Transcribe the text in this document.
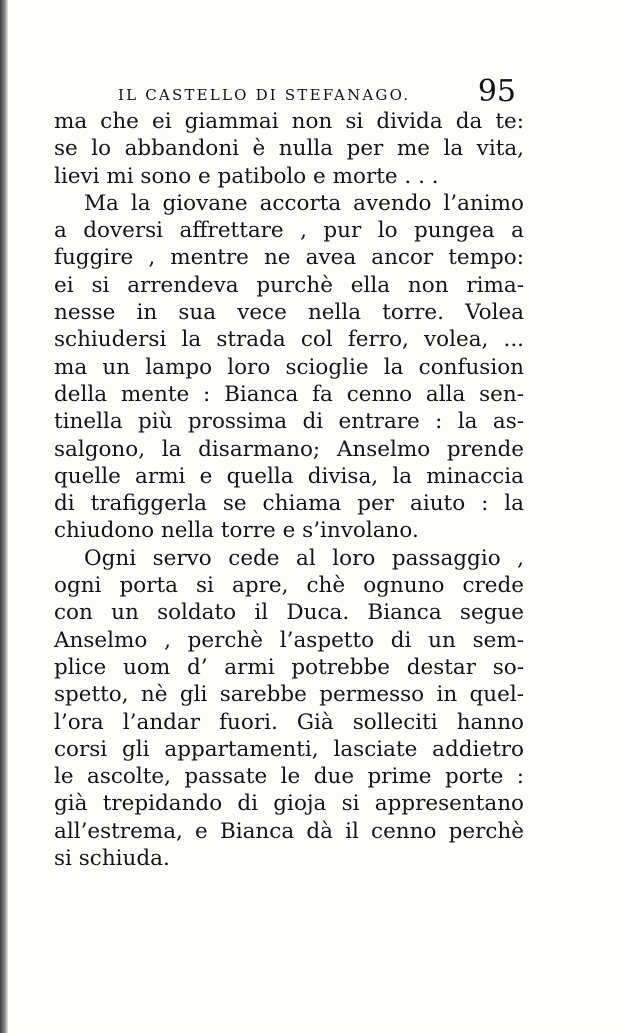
IL CASTELLO DI STEFANAGO. 95
ma che ei giammai non si divida da te:
se lo abbandoni è nulla per me la vita,
lievi mi sono e patibolo e morte . . .
Ma la giovane accorta avendo l’animo
a doversi affrettare , pur lo pungea a
fuggire , mentre ne avea ancor tempo:
ei si arrendeva purchè ella non rima-
nesse in sua vece nella torre. Volea
schiudersi la strada col ferro, volea, ...
ma un lampo loro scioglie la confusion
della mente : Bianca fa cenno alla sen-
tinella più prossima di entrare : la as-
salgono, la disarmano; Anselmo prende
quelle armi e quella divisa, la minaccia
di trafiggerla se chiama per aiuto : la
chiudono nella torre e s’involano.
Ogni servo cede al loro passaggio ,
ogni porta si apre, chè ognuno crede
con un soldato il Duca. Bianca segue
Anselmo , perchè l’aspetto di un sem-
plice uom d’ armi potrebbe destar so-
spetto, nè gli sarebbe permesso in quel-
l’ora l’andar fuori. Già solleciti hanno
corsi gli appartamenti, lasciate addietro
le ascolte, passate le due prime porte :
già trepidando di gioja si appresentano
all’estrema, e Bianca dà il cenno perchè
si schiuda.
